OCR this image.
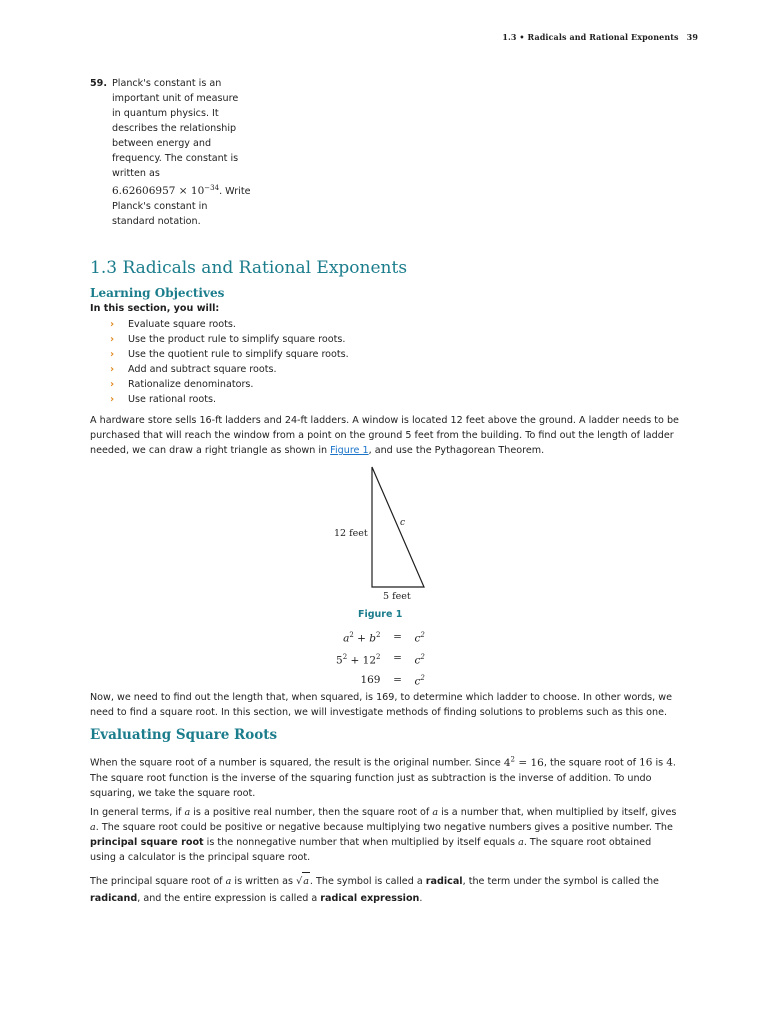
1.3 • Radicals and Rational Exponents 39
59. Planck's constant is an
important unit of measure
in quantum physics. It
describes the relationship
between energy and
frequency. The constant is
written as
$6.62606957 \times 10^{-34}$. Write
Planck's constant in
standard notation.
1.3 Radicals and Rational Exponents
Learning Objectives
In this section, you will:
›	Evaluate square roots.
›	Use the product rule to simplify square roots.
›	Use the quotient rule to simplify square roots.
›	Add and subtract square roots.
›	Rationalize denominators.
›	Use rational roots.

A hardware store sells 16-ft ladders and 24-ft ladders. A window is located 12 feet above the ground. A ladder needs to be purchased that will reach the window from a point on the ground 5 feet from the building. To find out the length of ladder needed, we can draw a right triangle as shown in Figure 1, and use the Pythagorean Theorem.

12 feet
5 feet
c
Figure 1
$a^2 + b^2$	=	$c^2$
$5^2 + 12^2$	=	$c^2$
169	=	$c^2$

Now, we need to find out the length that, when squared, is 169, to determine which ladder to choose. In other words, we need to find a square root. In this section, we will investigate methods of finding solutions to problems such as this one.

Evaluating Square Roots

When the square root of a number is squared, the result is the original number. Since $4^2 = 16$, the square root of 16 is 4. The square root function is the inverse of the squaring function just as subtraction is the inverse of addition. To undo squaring, we take the square root.

In general terms, if a is a positive real number, then the square root of a is a number that, when multiplied by itself, gives a. The square root could be positive or negative because multiplying two negative numbers gives a positive number. The principal square root is the nonnegative number that when multiplied by itself equals a. The square root obtained using a calculator is the principal square root.

The principal square root of a is written as √a. The symbol is called a radical, the term under the symbol is called the radicand, and the entire expression is called a radical expression.
